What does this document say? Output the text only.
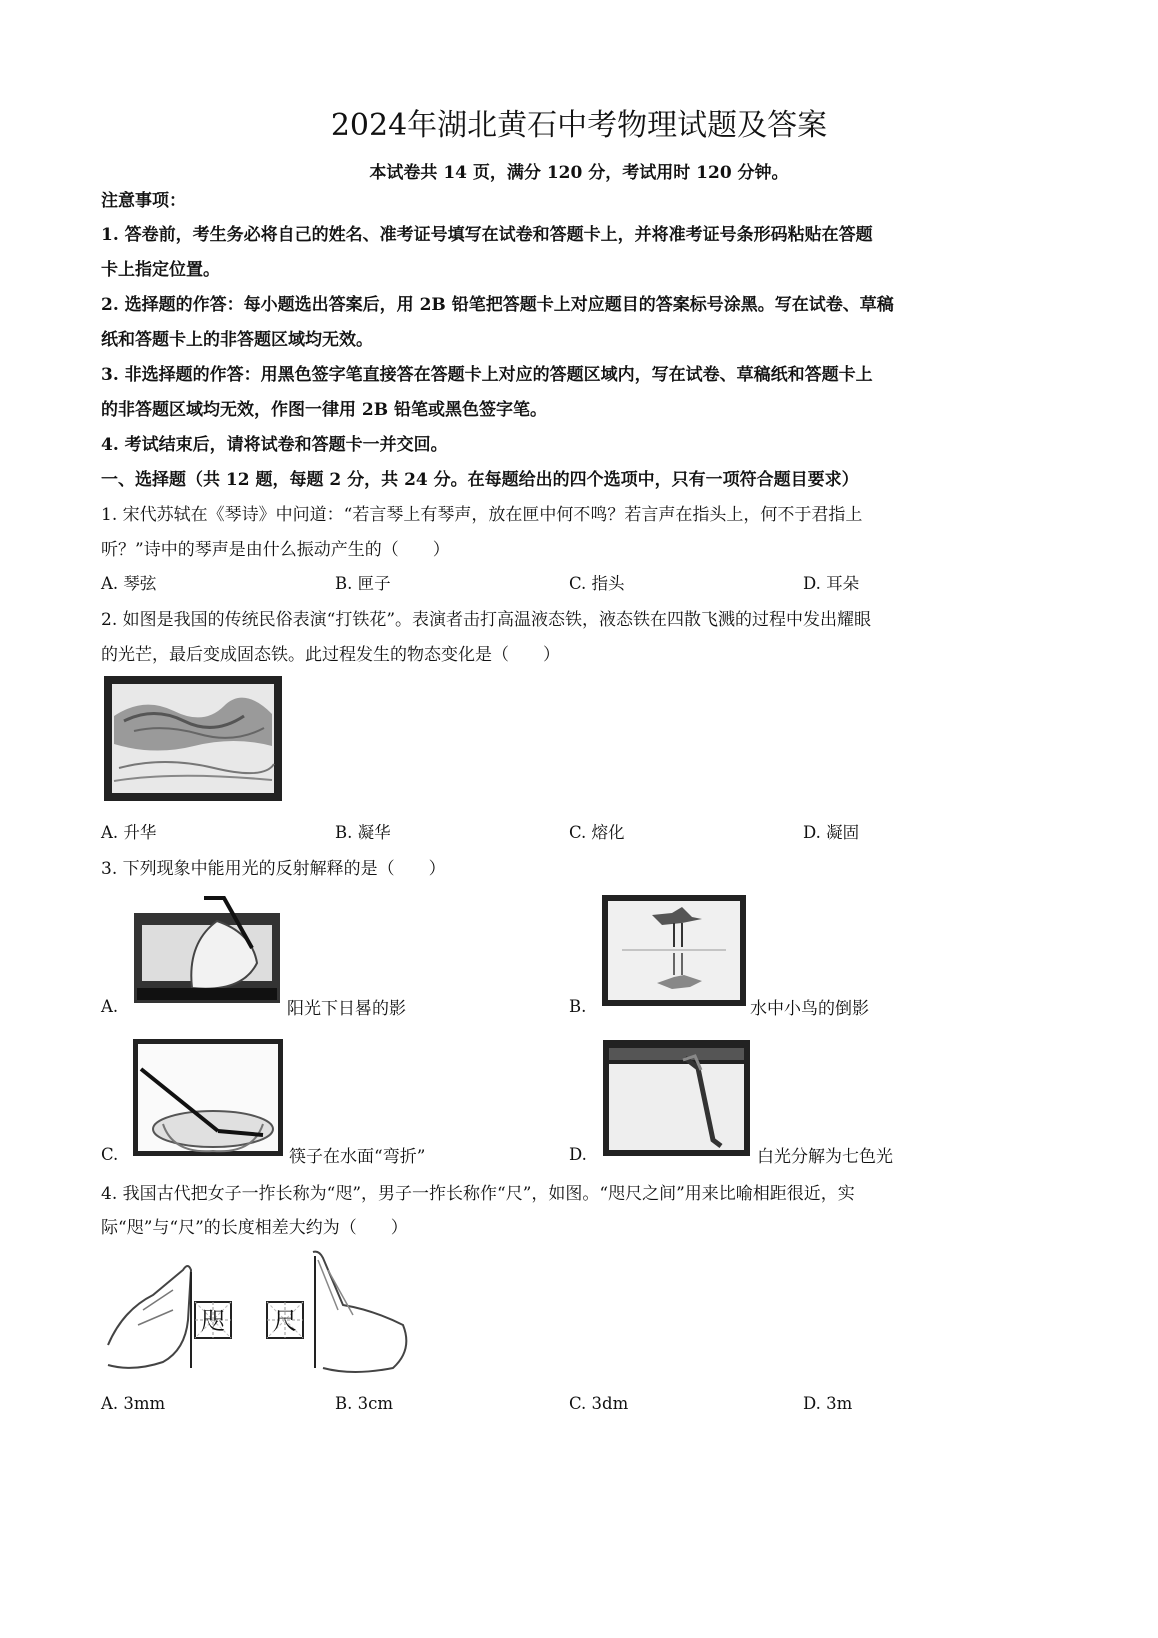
2024年湖北黄石中考物理试题及答案
本试卷共 14 页，满分 120 分，考试用时 120 分钟。
注意事项：
1. 答卷前，考生务必将自己的姓名、准考证号填写在试卷和答题卡上，并将准考证号条形码粘贴在答题
卡上指定位置。
2. 选择题的作答：每小题选出答案后，用 2B 铅笔把答题卡上对应题目的答案标号涂黑。写在试卷、草稿
纸和答题卡上的非答题区域均无效。
3. 非选择题的作答：用黑色签字笔直接答在答题卡上对应的答题区域内，写在试卷、草稿纸和答题卡上
的非答题区域均无效，作图一律用 2B 铅笔或黑色签字笔。
4. 考试结束后，请将试卷和答题卡一并交回。
一、选择题（共 12 题，每题 2 分，共 24 分。在每题给出的四个选项中，只有一项符合题目要求）
1. 宋代苏轼在《琴诗》中问道：“若言琴上有琴声，放在匣中何不鸣？若言声在指头上，何不于君指上
听？”诗中的琴声是由什么振动产生的（　　）
A. 琴弦	B. 匣子	C. 指头	D. 耳朵
2. 如图是我国的传统民俗表演“打铁花”。表演者击打高温液态铁，液态铁在四散飞溅的过程中发出耀眼
的光芒，最后变成固态铁。此过程发生的物态变化是（　　）
A. 升华	B. 凝华	C. 熔化	D. 凝固
3. 下列现象中能用光的反射解释的是（　　）
A.	阳光下日晷的影	B.	水中小鸟的倒影
C.	筷子在水面“弯折”	D.	白光分解为七色光
4. 我国古代把女子一拃长称为“咫”，男子一拃长称作“尺”，如图。“咫尺之间”用来比喻相距很近，实
际“咫”与“尺”的长度相差大约为（　　）
咫 尺
A. 3mm	B. 3cm	C. 3dm	D. 3m
